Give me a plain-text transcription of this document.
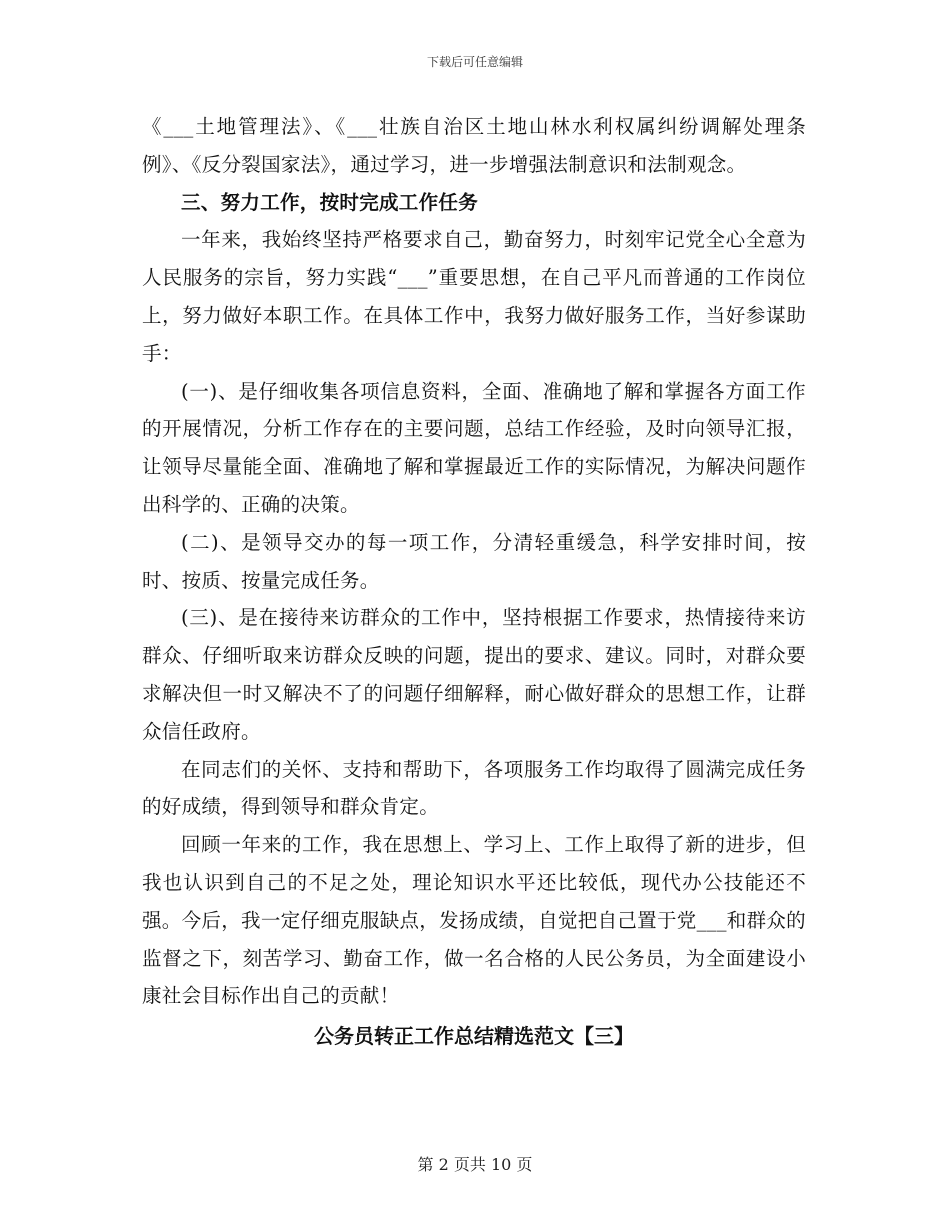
下载后可任意编辑

《___土地管理法》、《___壮族自治区土地山林水利权属纠纷调解处理条例》、《反分裂国家法》，通过学习，进一步增强法制意识和法制观念。

三、努力工作，按时完成工作任务

一年来，我始终坚持严格要求自己，勤奋努力，时刻牢记党全心全意为人民服务的宗旨，努力实践“___”重要思想，在自己平凡而普通的工作岗位上，努力做好本职工作。在具体工作中，我努力做好服务工作，当好参谋助手：

(一)、是仔细收集各项信息资料，全面、准确地了解和掌握各方面工作的开展情况，分析工作存在的主要问题，总结工作经验，及时向领导汇报，让领导尽量能全面、准确地了解和掌握最近工作的实际情况，为解决问题作出科学的、正确的决策。

(二)、是领导交办的每一项工作，分清轻重缓急，科学安排时间，按时、按质、按量完成任务。

(三)、是在接待来访群众的工作中，坚持根据工作要求，热情接待来访群众、仔细听取来访群众反映的问题，提出的要求、建议。同时，对群众要求解决但一时又解决不了的问题仔细解释，耐心做好群众的思想工作，让群众信任政府。

在同志们的关怀、支持和帮助下，各项服务工作均取得了圆满完成任务的好成绩，得到领导和群众肯定。

回顾一年来的工作，我在思想上、学习上、工作上取得了新的进步，但我也认识到自己的不足之处，理论知识水平还比较低，现代办公技能还不强。今后，我一定仔细克服缺点，发扬成绩，自觉把自己置于党___和群众的监督之下，刻苦学习、勤奋工作，做一名合格的人民公务员，为全面建设小康社会目标作出自己的贡献！

公务员转正工作总结精选范文【三】

第 2 页共 10 页
